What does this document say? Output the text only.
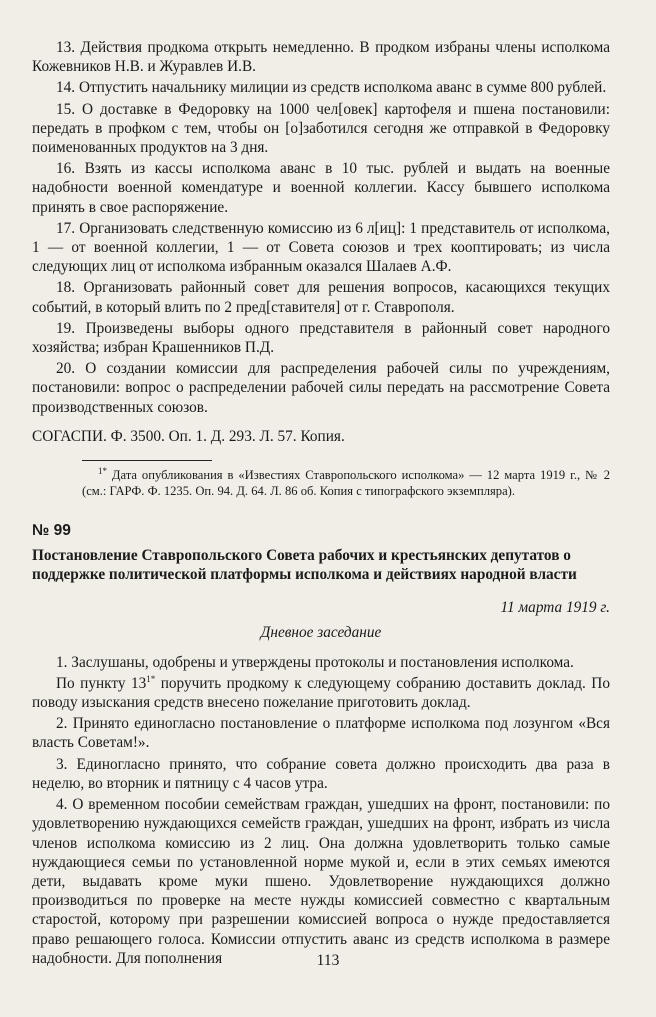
13. Действия продкома открыть немедленно. В продком избраны члены исполкома Кожевников Н.В. и Журавлев И.В.

14. Отпустить начальнику милиции из средств исполкома аванс в сумме 800 рублей.

15. О доставке в Федоровку на 1000 чел[овек] картофеля и пшена постановили: передать в профком с тем, чтобы он [о]заботился сегодня же отправкой в Федоровку поименованных продуктов на 3 дня.

16. Взять из кассы исполкома аванс в 10 тыс. рублей и выдать на военные надобности военной комендатуре и военной коллегии. Кассу бывшего исполкома принять в свое распоряжение.

17. Организовать следственную комиссию из 6 л[иц]: 1 представитель от исполкома, 1 — от военной коллегии, 1 — от Совета союзов и трех кооптировать; из числа следующих лиц от исполкома избранным оказался Шалаев А.Ф.

18. Организовать районный совет для решения вопросов, касающихся текущих событий, в который влить по 2 пред[ставителя] от г. Ставрополя.

19. Произведены выборы одного представителя в районный совет народного хозяйства; избран Крашенников П.Д.

20. О создании комиссии для распределения рабочей силы по учреждениям, постановили: вопрос о распределении рабочей силы передать на рассмотрение Совета производственных союзов.

СОГАСПИ. Ф. 3500. Оп. 1. Д. 293. Л. 57. Копия.

$^{1*}$ Дата опубликования в «Известиях Ставропольского исполкома» — 12 марта 1919 г., № 2 (см.: ГАРФ. Ф. 1235. Оп. 94. Д. 64. Л. 86 об. Копия с типографского экземпляра).

№ 99

Постановление Ставропольского Совета рабочих и крестьянских депутатов о поддержке политической платформы исполкома и действиях народной власти

11 марта 1919 г.

Дневное заседание

1. Заслушаны, одобрены и утверждены протоколы и постановления исполкома.

По пункту $13^{1*}$ поручить продкому к следующему собранию доставить доклад. По поводу изыскания средств внесено пожелание приготовить доклад.

2. Принято единогласно постановление о платформе исполкома под лозунгом «Вся власть Советам!».

3. Единогласно принято, что собрание совета должно происходить два раза в неделю, во вторник и пятницу с 4 часов утра.

4. О временном пособии семействам граждан, ушедших на фронт, постановили: по удовлетворению нуждающихся семейств граждан, ушедших на фронт, избрать из числа членов исполкома комиссию из 2 лиц. Она должна удовлетворить только самые нуждающиеся семьи по установленной норме мукой и, если в этих семьях имеются дети, выдавать кроме муки пшено. Удовлетворение нуждающихся должно производиться по проверке на месте нужды комиссией совместно с квартальным старостой, которому при разрешении комиссией вопроса о нужде предоставляется право решающего голоса. Комиссии отпустить аванс из средств исполкома в размере надобности. Для пополнения	113
